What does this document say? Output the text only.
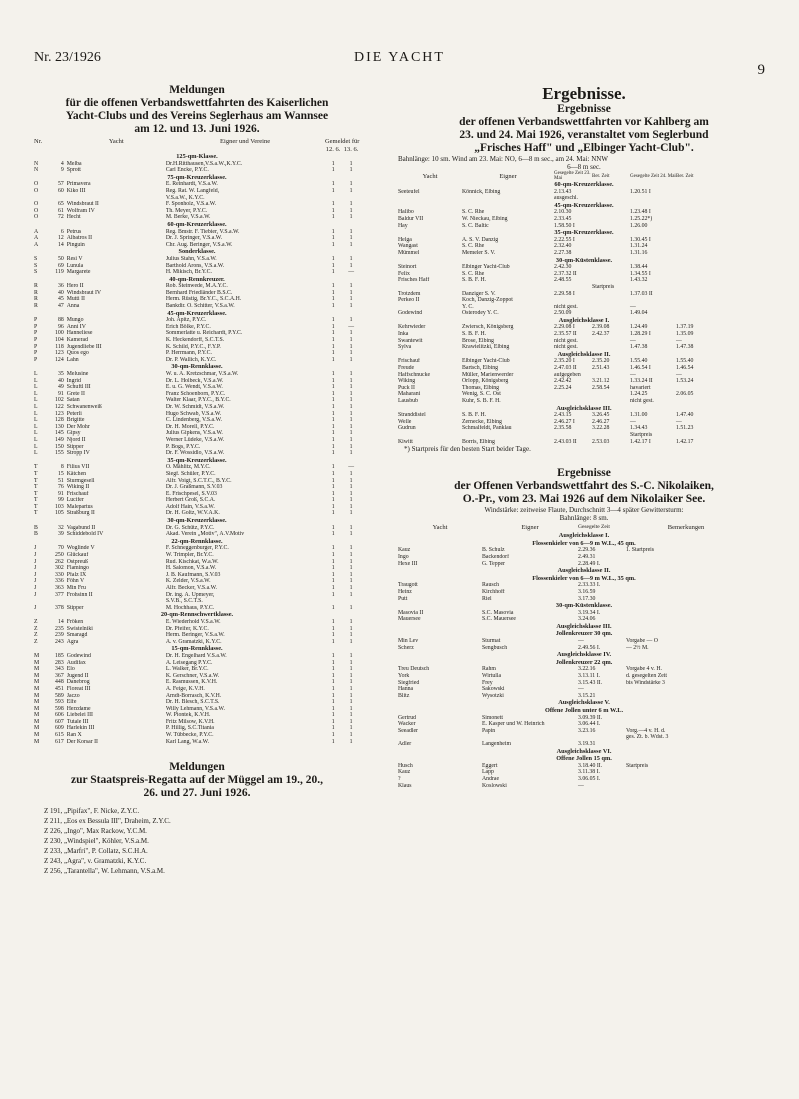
Nr. 23/1926	DIE YACHT
9
Meldungen
für die offenen Verbandswettfahrten des Kaiserlichen
Yacht-Clubs und des Vereins Seglerhaus am Wannsee
am 12. und 13. Juni 1926.
Nr.	Yacht	Eigner und Vereine	Gemeldet für
12. 6. 13. 6.
125-qm-Klasse.
N	4 Melba	Dr.H.Ritthausen,V.S.a.W.,K.Y.C.	1	1
N	9 Sprott	Carl Encke, P.Y.C.	1	1
75-qm-Kreuzerklasse.
O	57 Primavera	E. Reinhardt, V.S.a.W.	1	1
O	60 Kiko III	Reg. Rat. W. Langfeld,	1	1
V.S.a.W., K.Y.C.
O	65 Windsbraut II	F. Sponholz, V.S.a.W.	1	1
O	61 Wolfram IV	Th. Meyer, P.Y.C.	1	1
O	72 Hecht	M. Berke, V.S.a.W.	1	1
60-qm-Kreuzerklasse.
A	6 Petrus	Reg. Bmstr. F. Tiebier, V.S.a.W.	1	1
A	12 Albatros II	Dr. J. Springer, V.S.a.W.	1	1
A	14 Pinguin	Chr. Aug. Beringer, V.S.a.W.	1	1
Sonderklasse.
S	50 Resi V	Julius Stahn, V.S.a.W.	1	1
S	69 Lunula	Barthold Arons, V.S.a.W.	1	1
S	119 Margarete	H. Mikisch, Br.Y.C.	1	—
40-qm-Rennkreuzer.
R	36 Hero II	Rob. Steinwede, M.A.Y.C.	1	1
R	40 Windsbraut IV	Bernhard Friedländer B.S.C.	1	1
R	45 Mutti II	Herm. Rüstig, Br.Y.C., S.C.A.H.	1	1
R	47 Anna	Bankdir. O. Schitter, V.S.a.W.	1	1
45-qm-Kreuzerklasse.
P	88 Mungo	Joh. Apitz, P.Y.C.	1	1
P	96 Anni IV	Erich Bölke, P.Y.C.	1	—
P	100 Hanneliese	Sommerlatte u. Reichardt, P.Y.C.	1	1
P	104 Kamerad	K. Heckendorff, S.C.T.S.	1	1
P	118 Jugendliebe III	K. Schild, P.Y.C., F.Y.P.	1	1
P	123 Quos ego	P. Herrmann, P.Y.C.	1	1
P	124 Lahn	Dr. P. Wallich, K.Y.C.	1	1
30-qm-Rennklasse.
L	35 Melusine	W. u. A. Kretzschmar, V.S.a.W.	1	1
L	40 Ingrid	Dr. L. Holbeck, V.S.a.W.	1	1
L	49 Schuftl III	E. u. G. Wendt, V.S.a.W.	1	1
L	91 Grete II	Franz Schoenborn, P.Y.C.	1	1
L	102 Satan	Walter Klaar, P.Y.C., B.Y.C.	1	1
L	122 Schwanenweiß	Dr. W. Schmidt, V.S.a.W.	1	1
L	123 Peterli	Hugo Schwab, V.S.a.W.	1	1
L	128 Brigitte	C. Lindenberg, V.S.a.W.	1	1
L	130 Der Mohr	Dr. H. Morell, P.Y.C.	1	1
L	145 Gipsy	Julius Gipkens, V.S.a.W.	1	1
L	149 Njord II	Werner Lüdeke, V.S.a.W.	1	1
L	150 Stipper	P. Bogs, P.Y.C.	1	1
L	155 Stropp IV	Dr. F. Wossidlo, V.S.a.W.	1	1
35-qm-Kreuzerklasse.
T	8 Filius VII	O. Mählitz, M.Y.C.	1	—
T	15 Kätchen	Siegf. Schüler, P.Y.C.	1	1
T	51 Sturmgesell	Alfr. Voigt, S.C.T.C., B.Y.C.	1	1
T	76 Wiking II	Dr. J. Graßmann, S.V.03	1	1
T	91 Frischauf	E. Frischpesel, S.V.03	1	1
T	99 Lucifer	Herbert Groß, S.C.A.	1	1
T	103 Malepartus	Adolf Hain, V.S.a.W.	1	1
T	105 Straßburg II	Dr. H. Goltz, W.V.A.K.	1	1
30-qm-Kreuzerklasse.
B	32 Vagabund II	Dr. G. Schütz, P.Y.C.	1	1
B	39 Schiddebold IV	Akad. Verein „Motiv", A.V.Motiv	1	1
22-qm-Rennklasse.
J	70 Woglinde V	F. Schneggenburger, P.Y.C.	1	1
J	250 Glückauf	W. Trimpler, Br.Y.C.	1	1
J	262 Ostpreuß	Rud. Kischkat, W.a.W.	1	1
J	302 Flamingo	H. Salomon, V.S.a.W.	1	1
J	330 Pfalz IX	J. B. Kaufmann, S.V.03	1	1
J	336 Föhn V	K. Zelder, V.S.a.W.	1	1
J	363 Min Fru	Alfr. Becker, V.S.a.W.	1	1
J	377 Frohsinn II	Dr. ing. A. Upmeyer,	1	1
S.V.B., S.C.T.S.
J	378 Stipper	M. Hochhaus, P.Y.C.	1	1
20-qm-Rennschwertklasse.
Z	14 Fröken	E. Wiederhold V.S.a.W.	1	1
Z	235 Swistelniki	Dr. Pfeifer, K.Y.C.	1	1
Z	239 Smaragd	Herm. Beringer, V.S.a.W.	1	1
Z	243 Agra	A. v. Gramatzki, K.Y.C.	1	1
15-qm-Rennklasse.
M	185 Godewind	Dr. H. Engelhard V.S.a.W.	1	1
M	283 Audifax	A. Leisegang P.Y.C.	1	1
M	343 Elo	L. Walker, Br.Y.C.	1	1
M	367 Jugend II	K. Gerschner, V.S.a.W.	1	1
M	448 Danebrog	E. Rasmussen, K.V.H.	1	1
M	451 Floreat III	A. Feige, K.V.H.	1	1
M	589 Jaczo	Arndt-Borrasch, K.V.H.	1	1
M	593 Elfe	Dr. H. Blesch, S.C.T.S.	1	1
M	598 Herzdame	Willy Lehmann, V.S.a.W.	1	1
M	606 Liebelei III	W. Piontek, K.V.H.	1	1
M	607 Tutale III	Fritz Milsow, K.V.H.	1	1
M	609 Harlekin III	P. Hillig, S.C.Titania	1	1
M	615 Ran X	W. Tübbecke, P.Y.C.	1	1
M	617 Der Korsar II	Karl Lang, W.a.W.	1	1
Meldungen
zur Staatspreis-Regatta auf der Müggel am 19., 20.,
26. und 27. Juni 1926.
Z 191, „Pipifax", F. Nicke, Z.Y.C.
Z 211, „Eos ex Bessula III", Draheim, Z.Y.C.
Z 226, „Ingo", Max Rackow, Y.C.M.
Z 230, „Windspiel", Köhler, V.S.a.M.
Z 233, „Marfri", P. Collatz, S.C.H.A.
Z 243, „Agra", v. Gramatzki, K.Y.C.
Z 256, „Tarantella", W. Lehmann, V.S.a.M.
Ergebnisse.
Ergebnisse
der offenen Verbandswettfahrten vor Kahlberg am
23. und 24. Mai 1926, veranstaltet vom Seglerbund
„Frisches Haff" und „Elbinger Yacht-Club".
Bahnlänge: 10 sm. Wind am 23. Mai: NO, 6—8 m sec., am 24. Mai: NNW
6—8 m sec.
Yacht	Eigner	Gesegelte Zeit 23. Mai	Ber. Zeit	Gesegelte Zeit 24. Mai Ber. Zeit
60-qm-Kreuzerklasse.
Seeteufel	Könnick, Elbing	2.13.43	1.20.51 I
ausgeschl.
45-qm-Kreuzerklasse.
Halibo	S. C. Rhe	2.10.30	1.23.48 I
Baldur VII	W. Nieckau, Elbing	2.33.45	1.25.22*)
Hay	S. C. Baltic	1.58.50 I	1.26.00
35-qm-Kreuzerklasse.
Helga	A. S. V. Danzig	2.22.55 I	1.30.45 I
Wangast	S. C. Rhe	2.32.40	1.31.24
Mümmel	Memeler S. V.	2.27.38	1.31.16
30-qm-Küstenklasse.
Steinort	Elbinger Yacht-Club	2.42.30	1.38.44
Felix	S. C. Rhe	2.37.32 II	1.34.55 I
Frisches Haff	S. B. F. H.	2.48.55	1.43.32
Startpreis
Trotzdem	Danziger S. V.	2.29.58 I	1.37.03 II
Perkeo II	Koch, Danzig-Zoppot
Y. C.	nicht gest.	—
Godewind	Osterodey Y. C.	2.50.09	1.49.04
Ausgleichsklasse I.
Kehrwieder	Zwiersch, Königsberg	2.29.08 I	2.39.08	1.24.49	1.37.19
Inka	S. B. F. H.	2.35.57 II	2.42.37	1.28.29 I	1.35.09
Swantewit	Brose, Elbing	nicht gest.	—	—
Sylva	Krawielitzki, Elbing	nicht gest.	1.47.38	1.47.38
Ausgleichsklasse II.
Frischauf	Elbinger Yacht-Club	2.35.20 I	2.35.20	1.55.40	1.55.40
Freude	Bartsch, Elbing	2.47.03 II	2.51.43	1.46.54 I	1.46.54
Haffschnucke	Müller, Marienwerder	aufgegeben	—	—
Wiking	Orlopp, Königsberg	2.42.42	3.21.12	1.33.24 II	1.53.24
Puck II	Thomas, Elbing	2.25.24	2.58.54	havariert
Maharani	Wenig, S. C. Ost	1.24.25	2.06.05
Lausbub	Kuhr, S. B. F. H.	nicht gest.
Ausgleichsklasse III.
Stranddistel	S. B. F. H.	2.43.15	3.26.45	1.31.00	1.47.40
Welle	Zernecke, Elbing	2.46.27 I	2.46.27	—	—
Gudrun	Schmalfeldt, Panklau	2.35.58	3.22.28	1.34.43	1.51.23
Startpreis
Kiwitt	Borris, Elbing	2.43.03 II	2.53.03	1.42.17 I	1.42.17
*) Startpreis für den besten Start beider Tage.
Ergebnisse
der Offenen Verbandswettfahrt des S.-C. Nikolaiken,
O.-Pr., vom 23. Mai 1926 auf dem Nikolaiker See.
Windstärke: zeitweise Flaute, Durchschnitt 3—4 später Gewittersturm:
Bahnlänge: 8 sm.
Yacht	Eigner	Gesegelte Zeit	Bemerkungen
Ausgleichsklasse I.
Flossenkieler von 6—9 m W.L., 45 qm.
Kauz	B. Schulz	2.29.36	1. Startpreis
Ingo	Backendorf	2.49.31
Hexe III	G. Tepper	2.28.49 I.
Ausgleichsklasse II.
Flossenkieler von 6—9 m W.L., 35 qm.
Traugott	Rausch	2.33.33 I.
Heinz	Kirchhoff	3.16.59
Putt	Riel	3.17.30
30-qm-Küstenklasse.
Masovia II	S.C. Masovia	3.19.34 I.
Mauersee	S.C. Mauersee	3.24.06
Ausgleichsklasse III.
Jollenkreuzer 30 qm.
Min Lev	Sturmat	—	Vorgabe — O
Scherz	Sengbusch	2.49.56 I.	— 2½ M.
Ausgleichsklasse IV.
Jollenkreuzer 22 qm.
Treu Deutsch	Rahm	3.22.16	Vorgabe 4 v. H.
York	Wirtulla	3.13.11 I.	d. gesegelten Zeit
Siegfried	Frey	3.15.43 II.	bis Windstärke 3
Hanna	Sakowski	—
Blitz	Wysotzki	3.15.21
Ausgleichsklasse V.
Offene Jollen unter 6 m W.L.
Gertrud	Simonett	3.09.39 II.
Wacker	E. Kasper und W. Heinrich	3.06.44 I.
Seeadler	Papin	3.23.16	Vorg.—4 v. H. d.
ges. Zt. b. Wdst. 3
Adler	Langenheim	3.19.31
Ausgleichsklasse VI.
Offene Jollen 15 qm.
Husch	Eggert	3.18.40 II.	Startpreis
Kauz	Lapp	3.11.38 I.
?	Andrae	3.06.05 I.
Klaus	Koslowski	—
